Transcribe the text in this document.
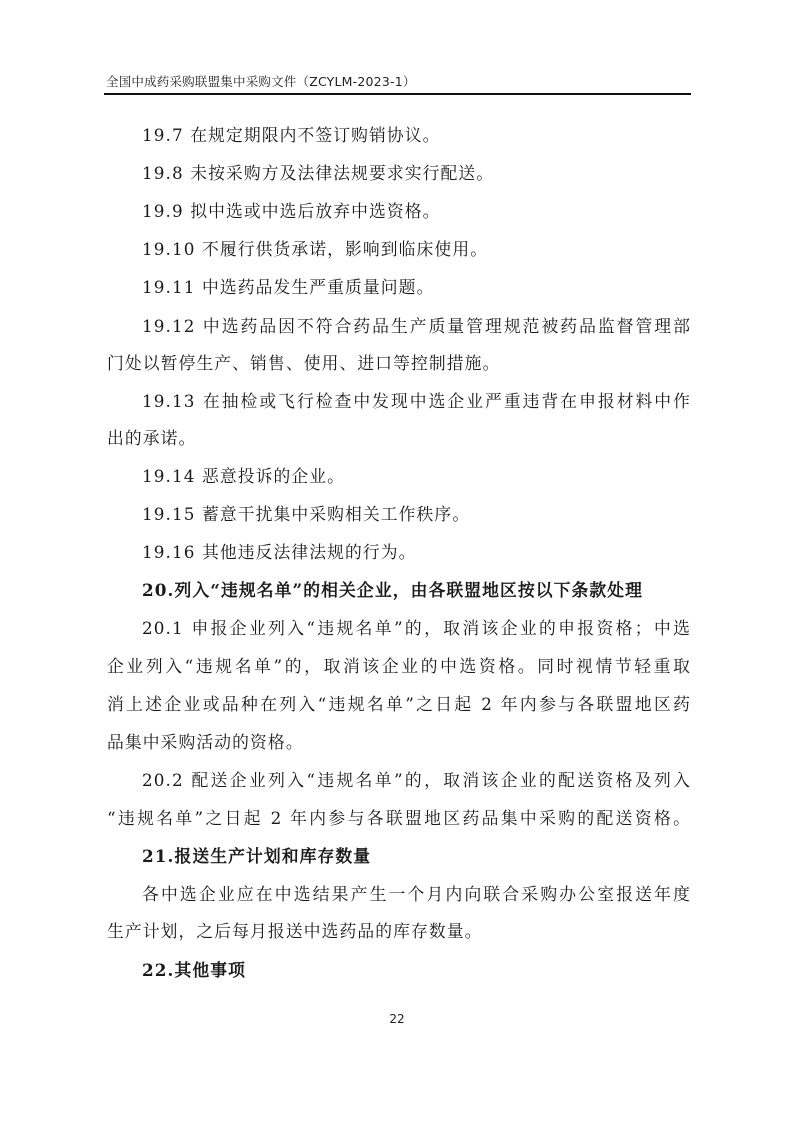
全国中成药采购联盟集中采购文件（ZCYLM-2023-1）
19.7 在规定期限内不签订购销协议。
19.8 未按采购方及法律法规要求实行配送。
19.9 拟中选或中选后放弃中选资格。
19.10 不履行供货承诺，影响到临床使用。
19.11 中选药品发生严重质量问题。
19.12 中选药品因不符合药品生产质量管理规范被药品监督管理部
门处以暂停生产、销售、使用、进口等控制措施。
19.13 在抽检或飞行检查中发现中选企业严重违背在申报材料中作
出的承诺。
19.14 恶意投诉的企业。
19.15 蓄意干扰集中采购相关工作秩序。
19.16 其他违反法律法规的行为。
20.列入“违规名单”的相关企业，由各联盟地区按以下条款处理
20.1 申报企业列入“违规名单”的，取消该企业的申报资格；中选
企业列入“违规名单”的，取消该企业的中选资格。同时视情节轻重取
消上述企业或品种在列入“违规名单”之日起 2 年内参与各联盟地区药
品集中采购活动的资格。
20.2 配送企业列入“违规名单”的，取消该企业的配送资格及列入
“违规名单”之日起 2 年内参与各联盟地区药品集中采购的配送资格。
21.报送生产计划和库存数量
各中选企业应在中选结果产生一个月内向联合采购办公室报送年度
生产计划，之后每月报送中选药品的库存数量。
22.其他事项
22
